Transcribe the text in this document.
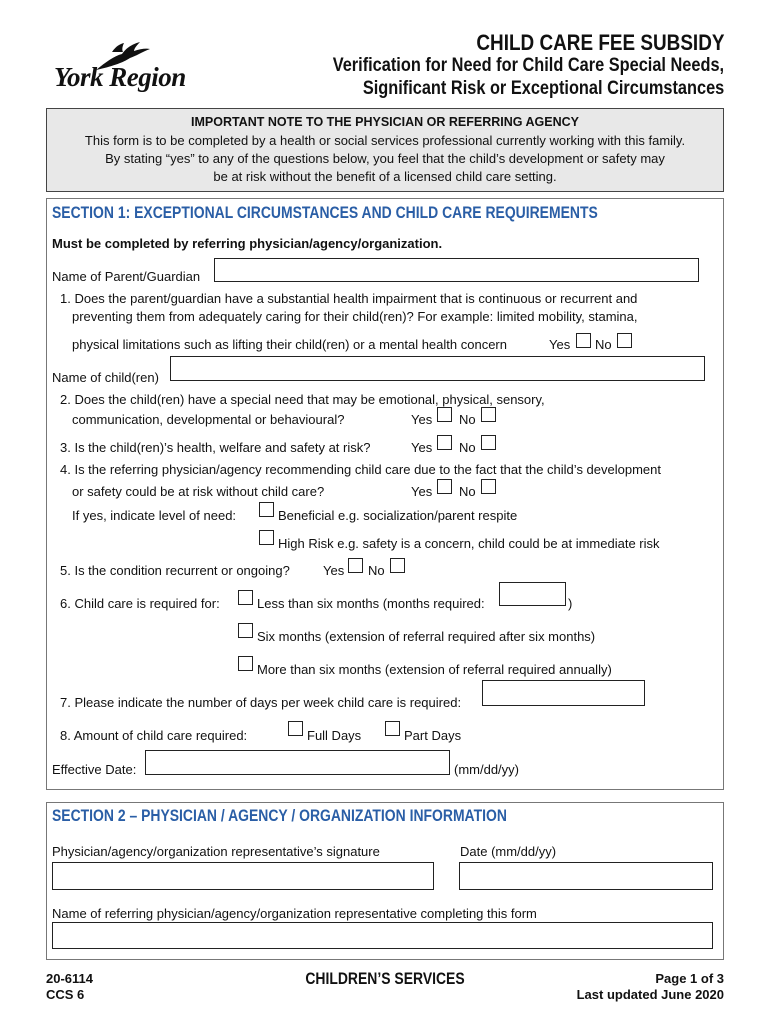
York Region
CHILD CARE FEE SUBSIDY
Verification for Need for Child Care Special Needs,
Significant Risk or Exceptional Circumstances
IMPORTANT NOTE TO THE PHYSICIAN OR REFERRING AGENCY
This form is to be completed by a health or social services professional currently working with this family.
By stating “yes” to any of the questions below, you feel that the child’s development or safety may
be at risk without the benefit of a licensed child care setting.
SECTION 1: EXCEPTIONAL CIRCUMSTANCES AND CHILD CARE REQUIREMENTS
Must be completed by referring physician/agency/organization.
Name of Parent/Guardian
1. Does the parent/guardian have a substantial health impairment that is continuous or recurrent and
preventing them from adequately caring for their child(ren)? For example: limited mobility, stamina,
physical limitations such as lifting their child(ren) or a mental health concern	Yes No
Name of child(ren)
2. Does the child(ren) have a special need that may be emotional, physical, sensory,
communication, developmental or behavioural?	Yes No
3. Is the child(ren)’s health, welfare and safety at risk?	Yes No
4. Is the referring physician/agency recommending child care due to the fact that the child’s development
or safety could be at risk without child care?	Yes No
If yes, indicate level of need:	Beneficial e.g. socialization/parent respite
High Risk e.g. safety is a concern, child could be at immediate risk
5. Is the condition recurrent or ongoing?	Yes No
6. Child care is required for:	Less than six months (months required:	)
Six months (extension of referral required after six months)
More than six months (extension of referral required annually)
7. Please indicate the number of days per week child care is required:
8. Amount of child care required:	Full Days	Part Days
Effective Date:	(mm/dd/yy)
SECTION 2 – PHYSICIAN / AGENCY / ORGANIZATION INFORMATION
Physician/agency/organization representative’s signature	Date (mm/dd/yy)
Name of referring physician/agency/organization representative completing this form
20-6114
CCS 6
CHILDREN’S SERVICES	Page 1 of 3
Last updated June 2020
